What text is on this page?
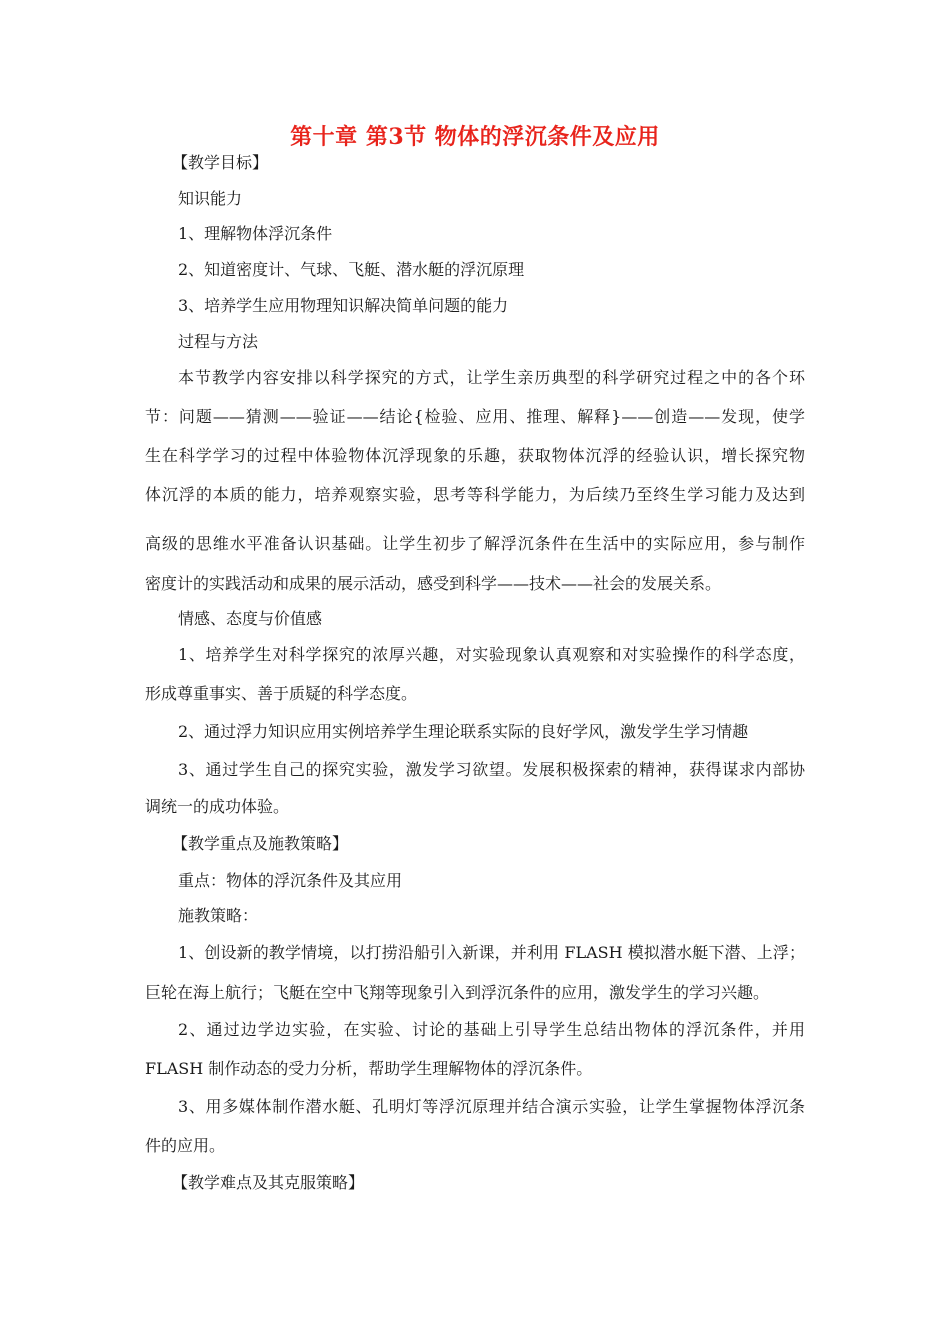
第十章 第3节 物体的浮沉条件及应用
【教学目标】
知识能力
1、理解物体浮沉条件
2、知道密度计、气球、飞艇、潜水艇的浮沉原理
3、培养学生应用物理知识解决简单问题的能力
过程与方法
本节教学内容安排以科学探究的方式，让学生亲历典型的科学研究过程之中的各个环
节：问题——猜测——验证——结论{检验、应用、推理、解释}——创造——发现，使学
生在科学学习的过程中体验物体沉浮现象的乐趣，获取物体沉浮的经验认识，增长探究物
体沉浮的本质的能力，培养观察实验，思考等科学能力，为后续乃至终生学习能力及达到
高级的思维水平准备认识基础。让学生初步了解浮沉条件在生活中的实际应用，参与制作
密度计的实践活动和成果的展示活动，感受到科学——技术——社会的发展关系。
情感、态度与价值感
1、培养学生对科学探究的浓厚兴趣，对实验现象认真观察和对实验操作的科学态度，
形成尊重事实、善于质疑的科学态度。
2、通过浮力知识应用实例培养学生理论联系实际的良好学风，激发学生学习情趣
3、通过学生自己的探究实验，激发学习欲望。发展积极探索的精神，获得谋求内部协
调统一的成功体验。
【教学重点及施教策略】
重点：物体的浮沉条件及其应用
施教策略：
1、创设新的教学情境，以打捞沿船引入新课，并利用 FLASH 模拟潜水艇下潜、上浮；
巨轮在海上航行；飞艇在空中飞翔等现象引入到浮沉条件的应用，激发学生的学习兴趣。
2、通过边学边实验，在实验、讨论的基础上引导学生总结出物体的浮沉条件，并用
FLASH 制作动态的受力分析，帮助学生理解物体的浮沉条件。
3、用多媒体制作潜水艇、孔明灯等浮沉原理并结合演示实验，让学生掌握物体浮沉条
件的应用。
【教学难点及其克服策略】
